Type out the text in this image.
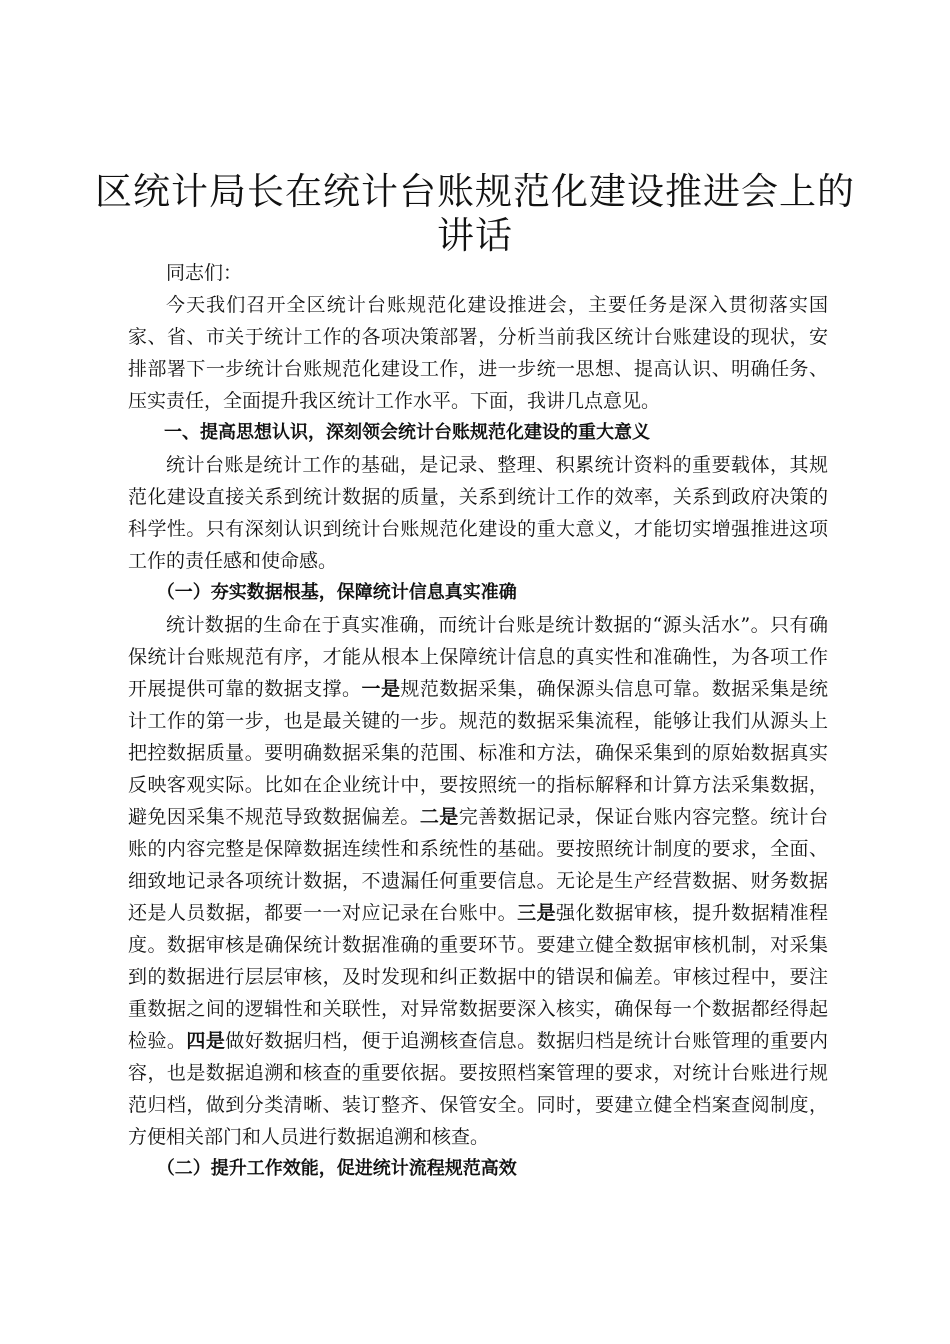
区统计局长在统计台账规范化建设推进会上的
讲话

同志们：

今天我们召开全区统计台账规范化建设推进会，主要任务是深入贯彻落实国家、省、市关于统计工作的各项决策部署，分析当前我区统计台账建设的现状，安排部署下一步统计台账规范化建设工作，进一步统一思想、提高认识、明确任务、压实责任，全面提升我区统计工作水平。下面，我讲几点意见。

一、提高思想认识，深刻领会统计台账规范化建设的重大意义

统计台账是统计工作的基础，是记录、整理、积累统计资料的重要载体，其规范化建设直接关系到统计数据的质量，关系到统计工作的效率，关系到政府决策的科学性。只有深刻认识到统计台账规范化建设的重大意义，才能切实增强推进这项工作的责任感和使命感。

（一）夯实数据根基，保障统计信息真实准确

统计数据的生命在于真实准确，而统计台账是统计数据的“源头活水”。只有确保统计台账规范有序，才能从根本上保障统计信息的真实性和准确性，为各项工作开展提供可靠的数据支撑。一是规范数据采集，确保源头信息可靠。数据采集是统计工作的第一步，也是最关键的一步。规范的数据采集流程，能够让我们从源头上把控数据质量。要明确数据采集的范围、标准和方法，确保采集到的原始数据真实反映客观实际。比如在企业统计中，要按照统一的指标解释和计算方法采集数据，避免因采集不规范导致数据偏差。二是完善数据记录，保证台账内容完整。统计台账的内容完整是保障数据连续性和系统性的基础。要按照统计制度的要求，全面、细致地记录各项统计数据，不遗漏任何重要信息。无论是生产经营数据、财务数据还是人员数据，都要一一对应记录在台账中。三是强化数据审核，提升数据精准程度。数据审核是确保统计数据准确的重要环节。要建立健全数据审核机制，对采集到的数据进行层层审核，及时发现和纠正数据中的错误和偏差。审核过程中，要注重数据之间的逻辑性和关联性，对异常数据要深入核实，确保每一个数据都经得起检验。四是做好数据归档，便于追溯核查信息。数据归档是统计台账管理的重要内容，也是数据追溯和核查的重要依据。要按照档案管理的要求，对统计台账进行规范归档，做到分类清晰、装订整齐、保管安全。同时，要建立健全档案查阅制度，方便相关部门和人员进行数据追溯和核查。

（二）提升工作效能，促进统计流程规范高效
